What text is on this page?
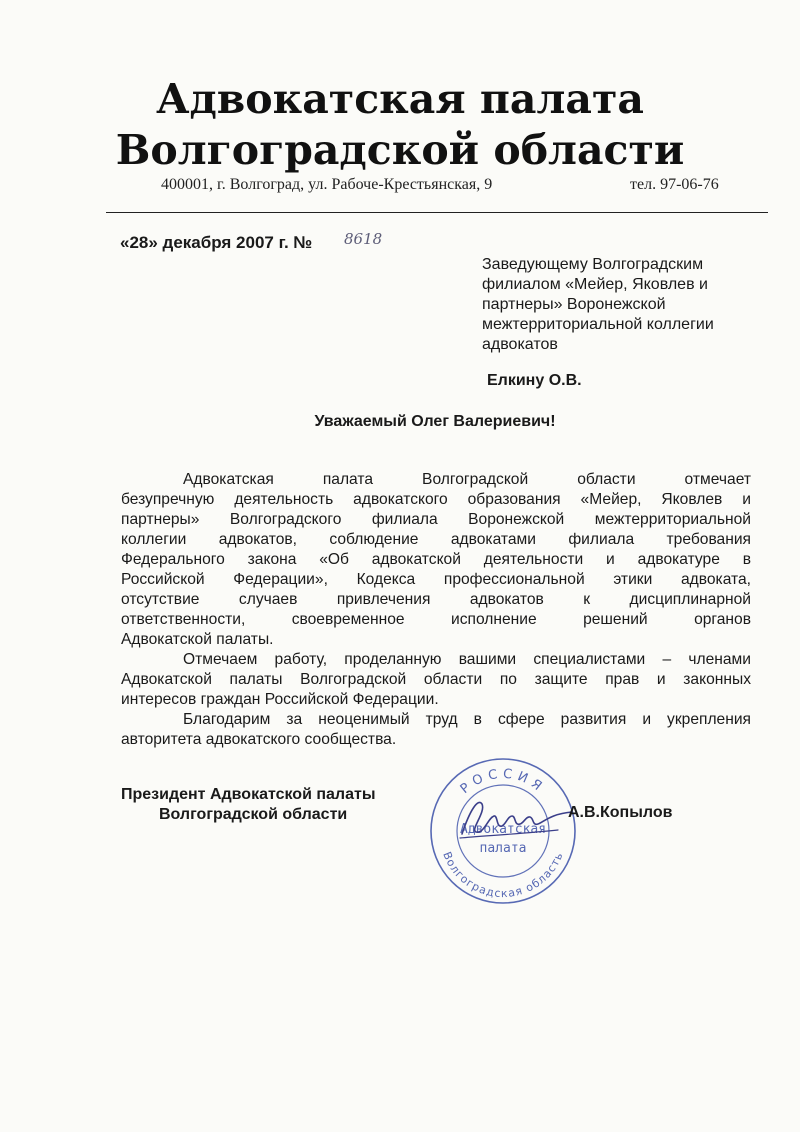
Адвокатская палата
Волгоградской области
400001, г. Волгоград, ул. Рабоче-Крестьянская, 9	тел. 97-06-76
«28» декабря 2007 г. № 8618
Заведующему Волгоградским
филиалом «Мейер, Яковлев и
партнеры» Воронежской
межтерриториальной коллегии
адвокатов
Елкину О.В.
Уважаемый Олег Валериевич!
Адвокатская палата Волгоградской области отмечает
безупречную деятельность адвокатского образования «Мейер, Яковлев и
партнеры» Волгоградского филиала Воронежской межтерриториальной
коллегии адвокатов, соблюдение адвокатами филиала требования
Федерального закона «Об адвокатской деятельности и адвокатуре в
Российской Федерации», Кодекса профессиональной этики адвоката,
отсутствие случаев привлечения адвокатов к дисциплинарной
ответственности, своевременное исполнение решений органов
Адвокатской палаты.
Отмечаем работу, проделанную вашими специалистами – членами
Адвокатской палаты Волгоградской области по защите прав и законных
интересов граждан Российской Федерации.
Благодарим за неоценимый труд в сфере развития и укрепления
авторитета адвокатского сообщества.
Президент Адвокатской палаты
Волгоградской области
РОССИЯ
Адвокатская
палата
Волгоградская область
А.В.Копылов
